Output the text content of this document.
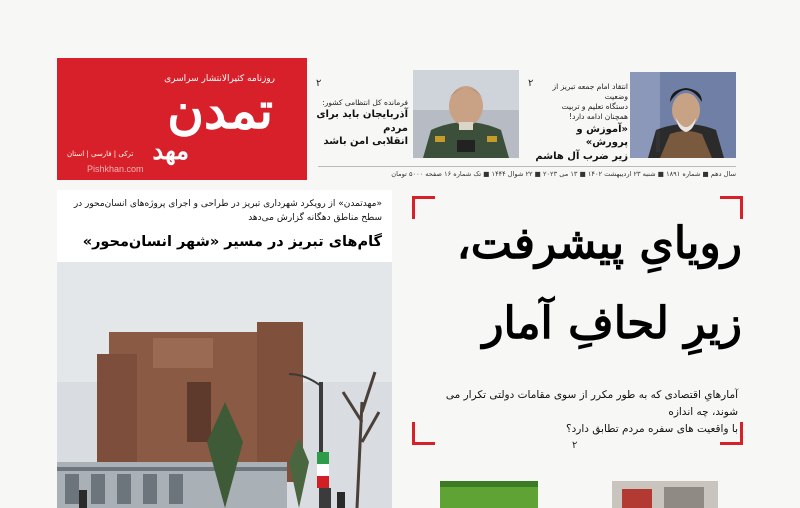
روزنامه کثیرالانتشار سراسری
تمدن
مهد
ترکی | فارسی | استان
Pishkhan.com
فرمانده کل انتظامی کشور:
آذربایجان باید برای مردم
انقلابی امن باشد
۲	۲	انتقاد امام جمعه تبریز از وضعیت
دستگاه تعلیم و تربیت
همچنان ادامه دارد!
«آموزش و پرورش»
زیر ضرب آل هاشم
سال دهم ■ شماره ۱۸۹۱ ■ شنبه ۲۳ اردیبهشت ۱۴۰۲ ■ ۱۳ می ۲۰۲۳ ■ ۲۲ شوال ۱۴۴۴ ■ تک شماره ۱۶ صفحه ۵۰۰۰ تومان
«مهدتمدن» از رویکرد شهرداری تبریز در طراحی و اجرای پروژه‌های انسان‌محور در
سطح مناطق دهگانه گزارش می‌دهد
گام‌های تبریز در مسیر «شهر انسان‌محور»	رویایِ پیشرفت،
زیرِ لحافِ آمار
آمارهایِ اقتصادی که به طور مکرر از سوی مقامات دولتی تکرار می‌ شوند، چه اندازه
با واقعیت‌ های سفره مردم تطابق دارد؟
۲
